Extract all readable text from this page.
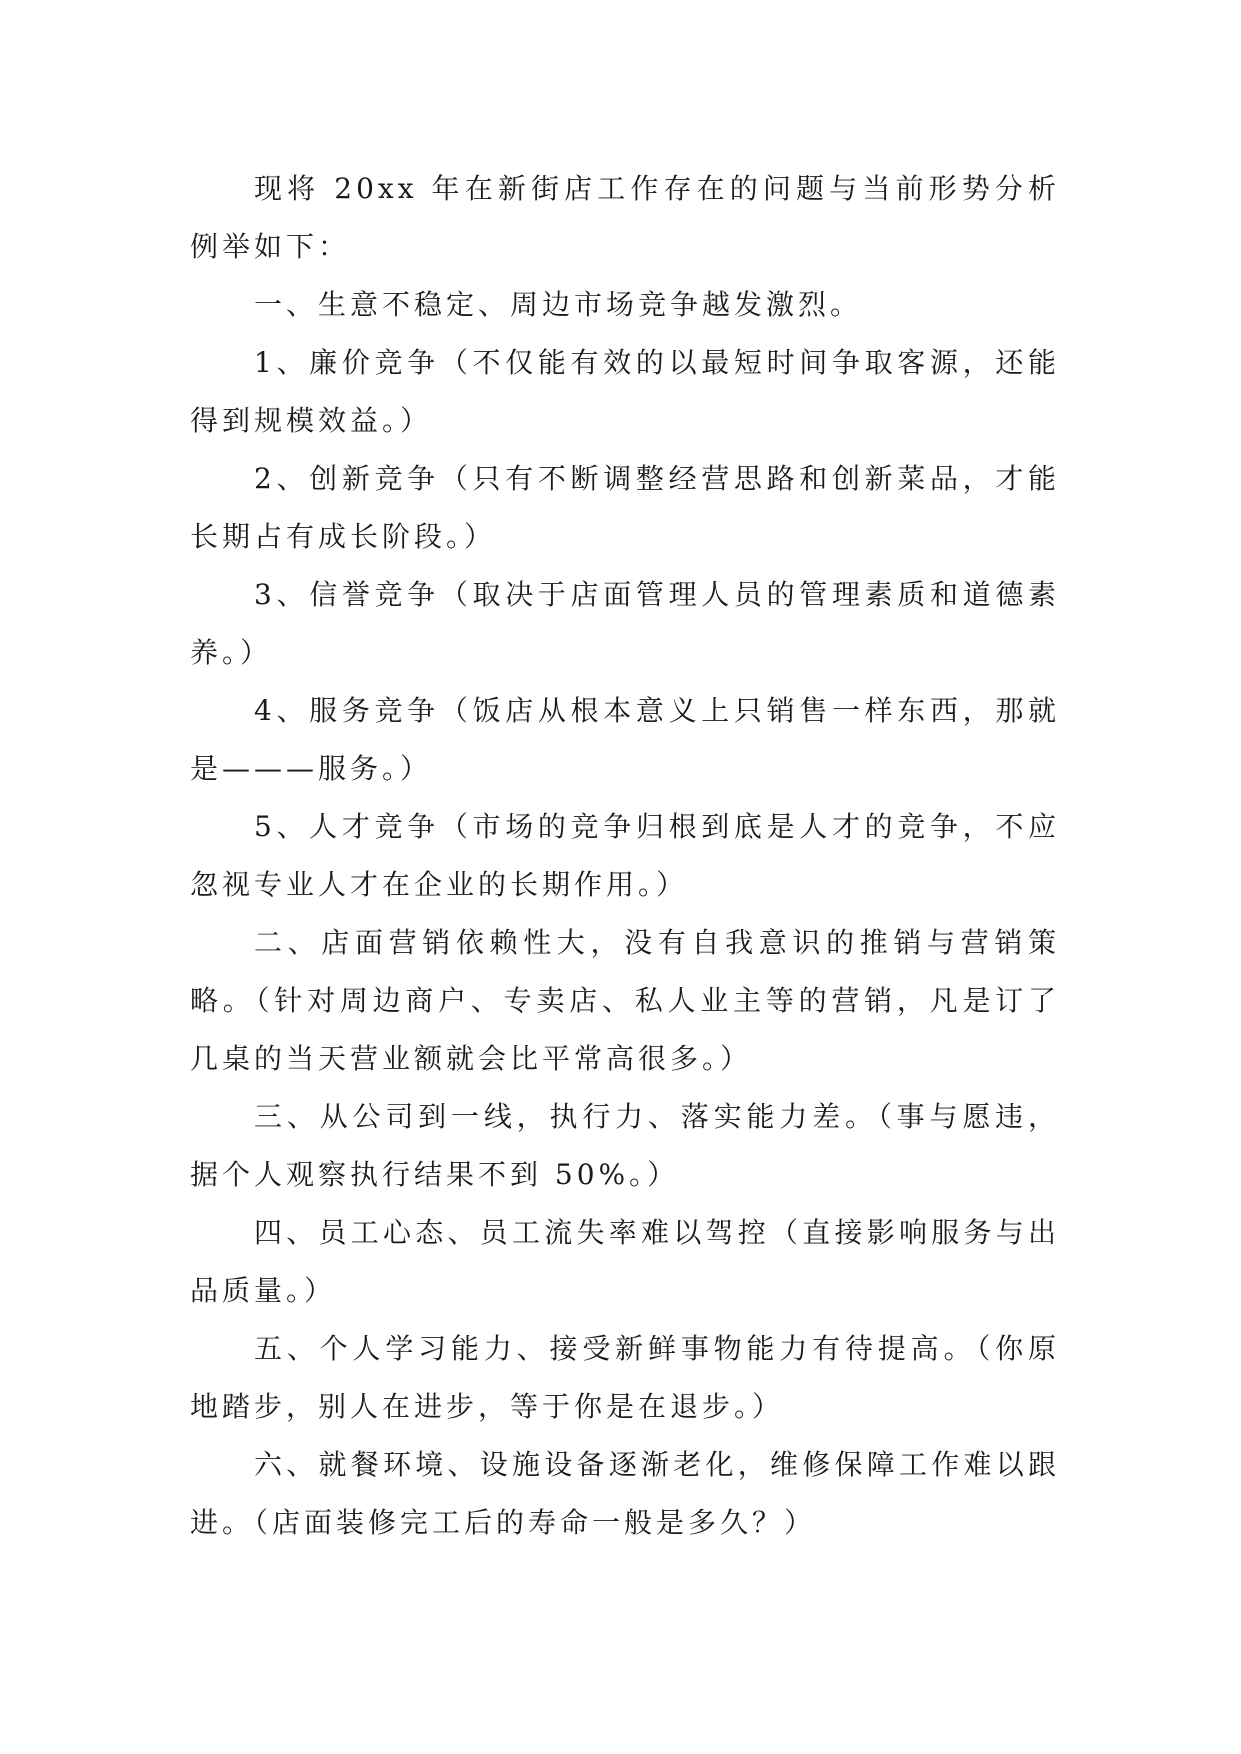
现将 20xx 年在新街店工作存在的问题与当前形势分析例举如下：

一、生意不稳定、周边市场竞争越发激烈。

1、廉价竞争（不仅能有效的以最短时间争取客源，还能得到规模效益。）

2、创新竞争（只有不断调整经营思路和创新菜品，才能长期占有成长阶段。）

3、信誉竞争（取决于店面管理人员的管理素质和道德素养。）

4、服务竞争（饭店从根本意义上只销售一样东西，那就是———服务。）

5、人才竞争（市场的竞争归根到底是人才的竞争，不应忽视专业人才在企业的长期作用。）

二、店面营销依赖性大，没有自我意识的推销与营销策略。（针对周边商户、专卖店、私人业主等的营销，凡是订了几桌的当天营业额就会比平常高很多。）

三、从公司到一线，执行力、落实能力差。（事与愿违，据个人观察执行结果不到 50%。）

四、员工心态、员工流失率难以驾控（直接影响服务与出品质量。）

五、个人学习能力、接受新鲜事物能力有待提高。（你原地踏步，别人在进步，等于你是在退步。）

六、就餐环境、设施设备逐渐老化，维修保障工作难以跟进。（店面装修完工后的寿命一般是多久？）
